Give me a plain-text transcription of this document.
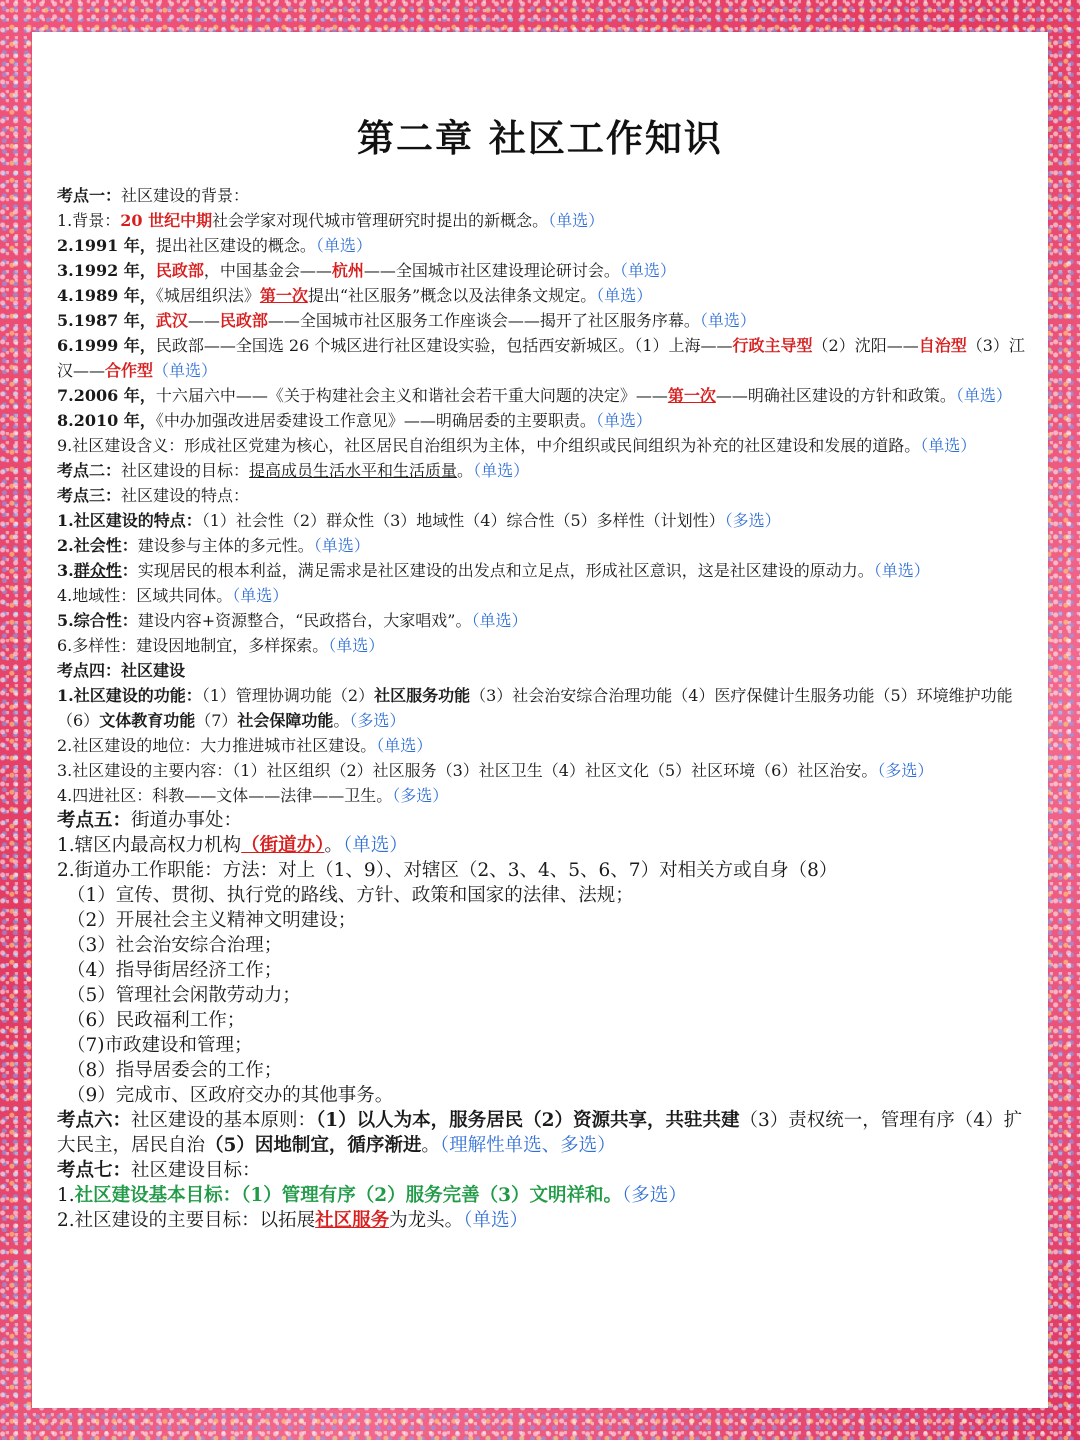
第二章 社区工作知识

考点一：社区建设的背景：

1.背景：20 世纪中期社会学家对现代城市管理研究时提出的新概念。（单选）

2.1991 年，提出社区建设的概念。（单选）

3.1992 年，民政部，中国基金会——杭州——全国城市社区建设理论研讨会。（单选）

4.1989 年，《城居组织法》第一次提出“社区服务”概念以及法律条文规定。（单选）

5.1987 年，武汉——民政部——全国城市社区服务工作座谈会——揭开了社区服务序幕。（单选）

6.1999 年，民政部——全国选 26 个城区进行社区建设实验，包括西安新城区。（1）上海——行政主导型（2）沈阳——自治型（3）江汉——合作型（单选）

7.2006 年，十六届六中——《关于构建社会主义和谐社会若干重大问题的决定》——第一次——明确社区建设的方针和政策。（单选）

8.2010 年，《中办加强改进居委建设工作意见》——明确居委的主要职责。（单选）

9.社区建设含义：形成社区党建为核心，社区居民自治组织为主体，中介组织或民间组织为补充的社区建设和发展的道路。（单选）

考点二：社区建设的目标：提高成员生活水平和生活质量。（单选）

考点三：社区建设的特点：

1.社区建设的特点：（1）社会性（2）群众性（3）地域性（4）综合性（5）多样性（计划性）（多选）

2.社会性：建设参与主体的多元性。（单选）

3.群众性：实现居民的根本利益，满足需求是社区建设的出发点和立足点，形成社区意识，这是社区建设的原动力。（单选）

4.地域性：区域共同体。（单选）

5.综合性：建设内容+资源整合，“民政搭台，大家唱戏”。（单选）

6.多样性：建设因地制宜，多样探索。（单选）

考点四：社区建设

1.社区建设的功能：（1）管理协调功能（2）社区服务功能（3）社会治安综合治理功能（4）医疗保健计生服务功能（5）环境维护功能（6）文体教育功能（7）社会保障功能。（多选）

2.社区建设的地位：大力推进城市社区建设。（单选）

3.社区建设的主要内容：（1）社区组织（2）社区服务（3）社区卫生（4）社区文化（5）社区环境（6）社区治安。（多选）

4.四进社区：科教——文体——法律——卫生。（多选）

考点五：街道办事处：

1.辖区内最高权力机构（街道办）。（单选）

2.街道办工作职能：方法：对上（1、9）、对辖区（2、3、4、5、6、7）对相关方或自身（8）

（1）宣传、贯彻、执行党的路线、方针、政策和国家的法律、法规；

（2）开展社会主义精神文明建设；

（3）社会治安综合治理；

（4）指导街居经济工作；

（5）管理社会闲散劳动力；

（6）民政福利工作；

（7)市政建设和管理；

（8）指导居委会的工作；

（9）完成市、区政府交办的其他事务。

考点六：社区建设的基本原则：（1）以人为本，服务居民（2）资源共享，共驻共建（3）责权统一，管理有序（4）扩大民主，居民自治（5）因地制宜，循序渐进。（理解性单选、多选）

考点七：社区建设目标：

1.社区建设基本目标：（1）管理有序（2）服务完善（3）文明祥和。（多选）

2.社区建设的主要目标：以拓展社区服务为龙头。（单选）
